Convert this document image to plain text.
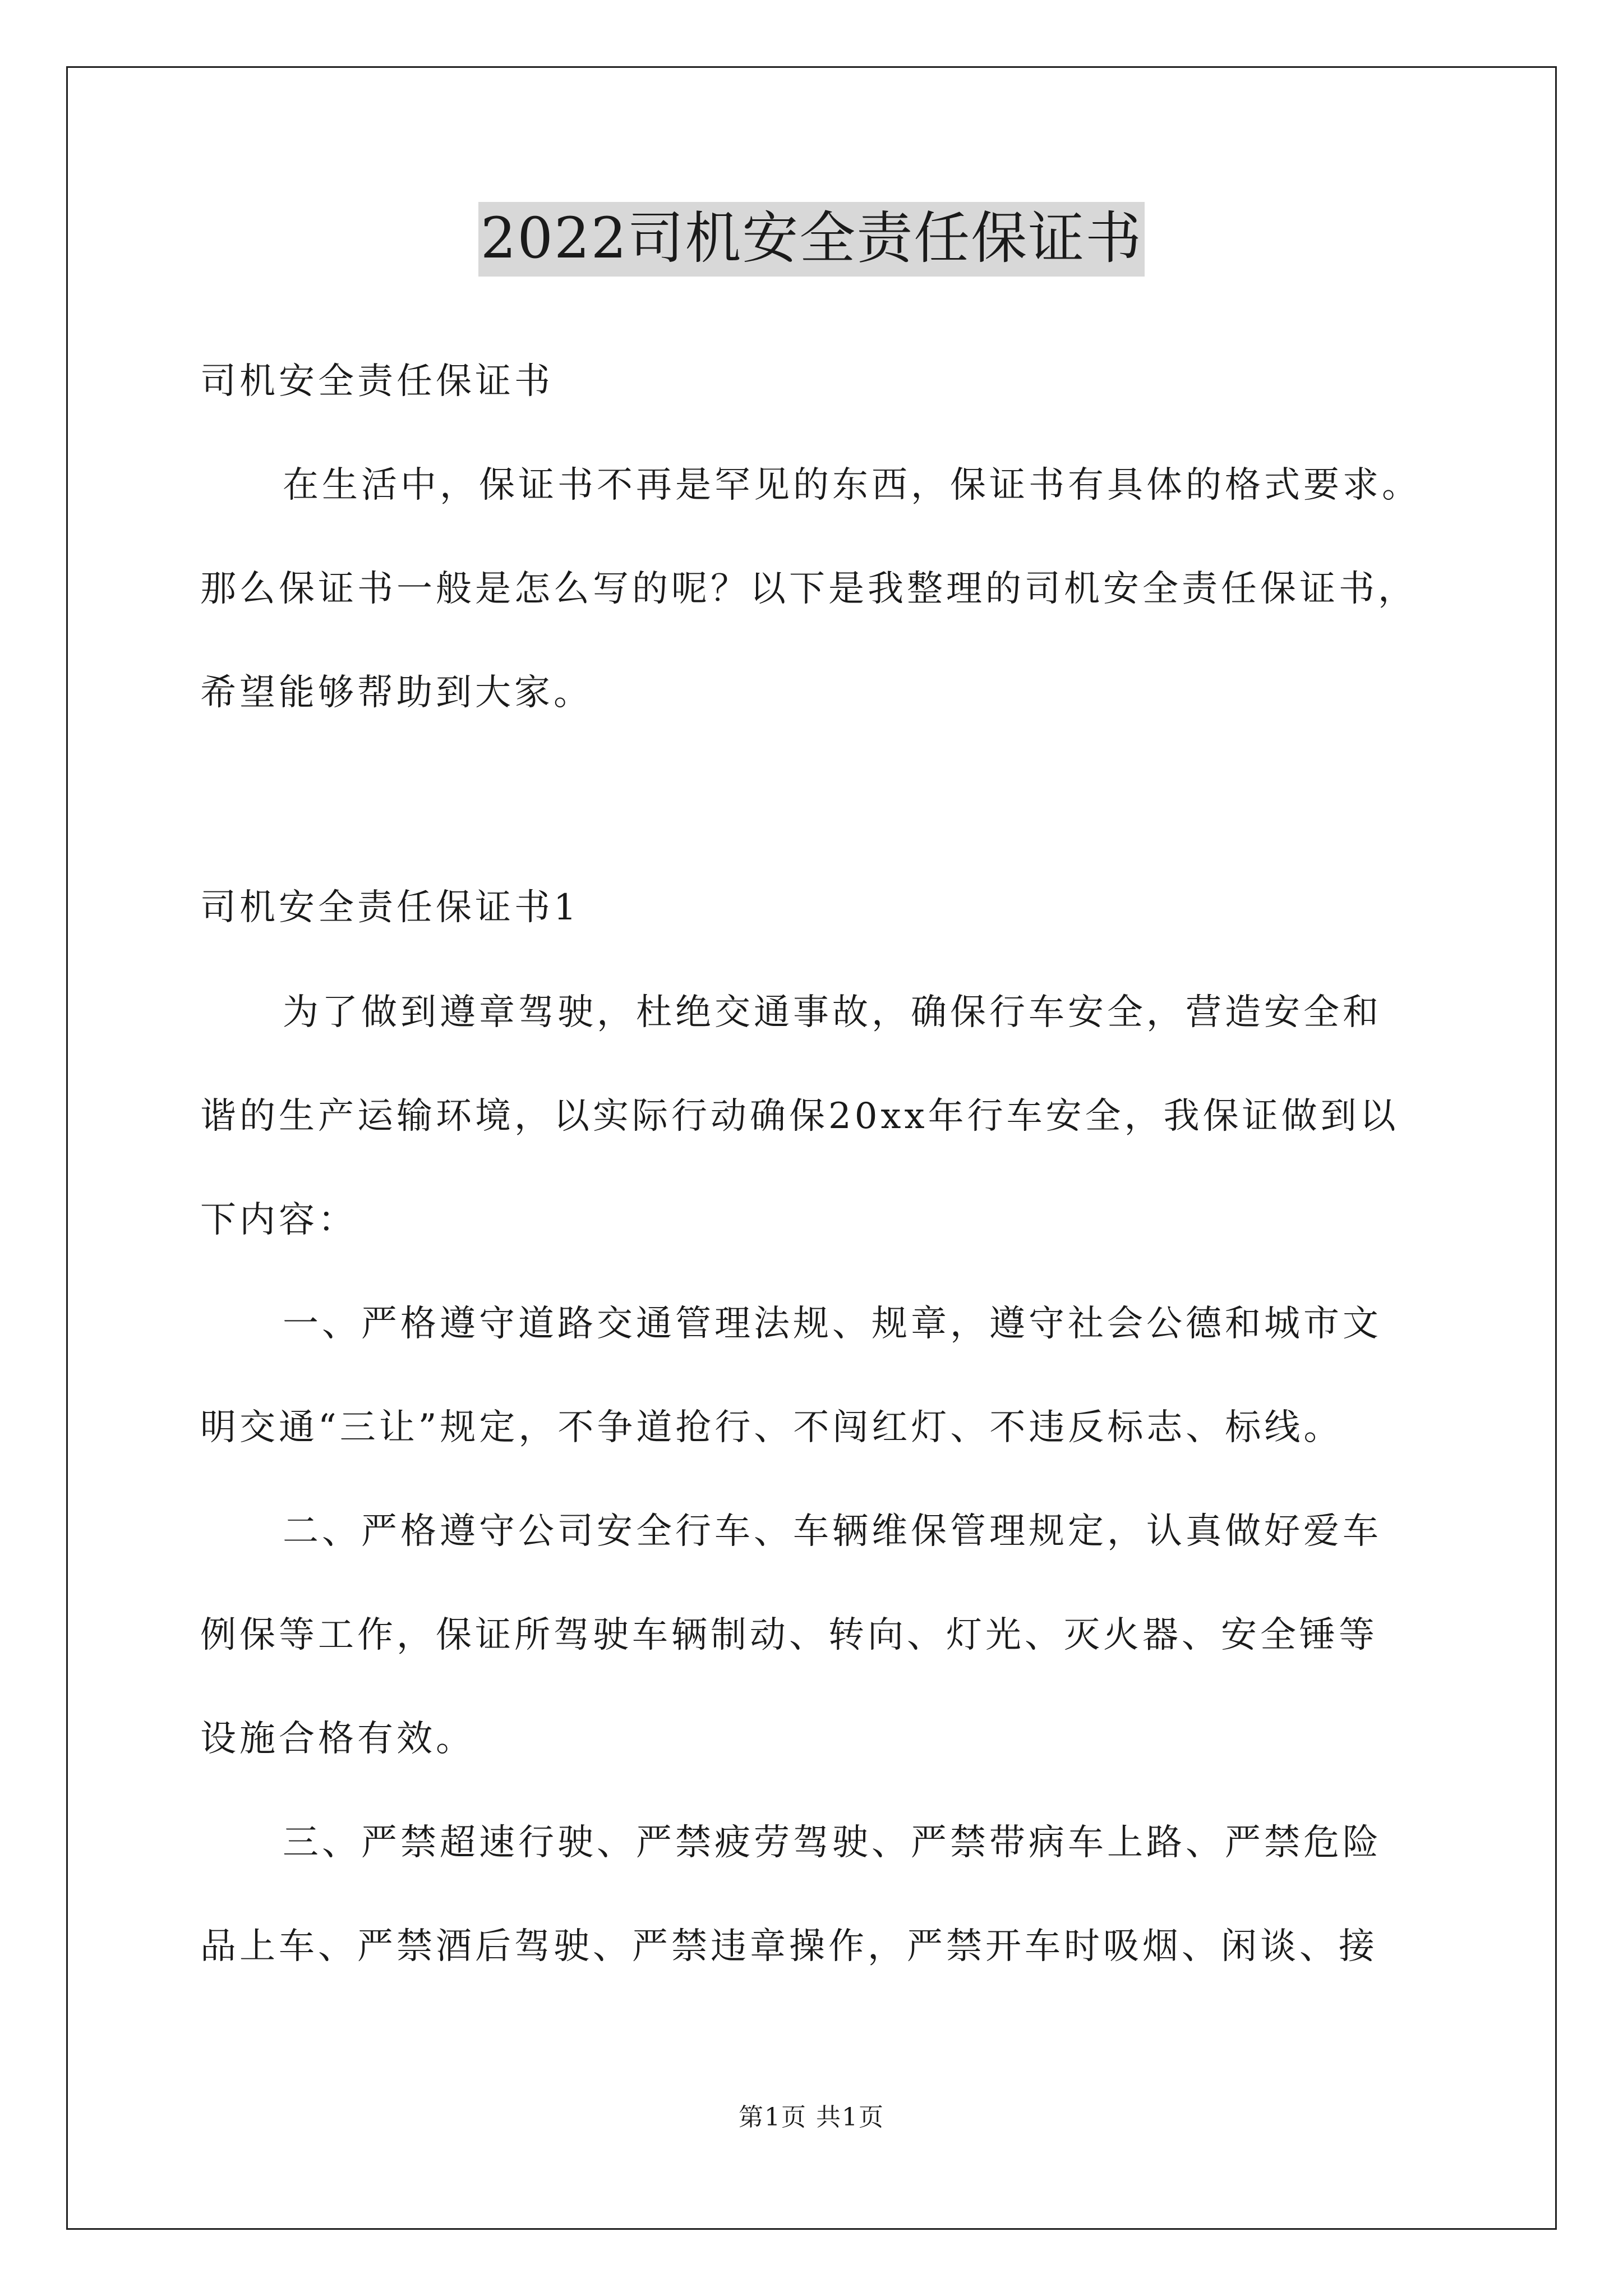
2022司机安全责任保证书
司机安全责任保证书
在生活中，保证书不再是罕见的东西，保证书有具体的格式要求。
那么保证书一般是怎么写的呢？以下是我整理的司机安全责任保证书，
希望能够帮助到大家。
司机安全责任保证书1
为了做到遵章驾驶，杜绝交通事故，确保行车安全，营造安全和
谐的生产运输环境，以实际行动确保20xx年行车安全，我保证做到以
下内容：
一、严格遵守道路交通管理法规、规章，遵守社会公德和城市文
明交通“三让”规定，不争道抢行、不闯红灯、不违反标志、标线。
二、严格遵守公司安全行车、车辆维保管理规定，认真做好爱车
例保等工作，保证所驾驶车辆制动、转向、灯光、灭火器、安全锤等
设施合格有效。
三、严禁超速行驶、严禁疲劳驾驶、严禁带病车上路、严禁危险
品上车、严禁酒后驾驶、严禁违章操作，严禁开车时吸烟、闲谈、接
第1页 共1页
